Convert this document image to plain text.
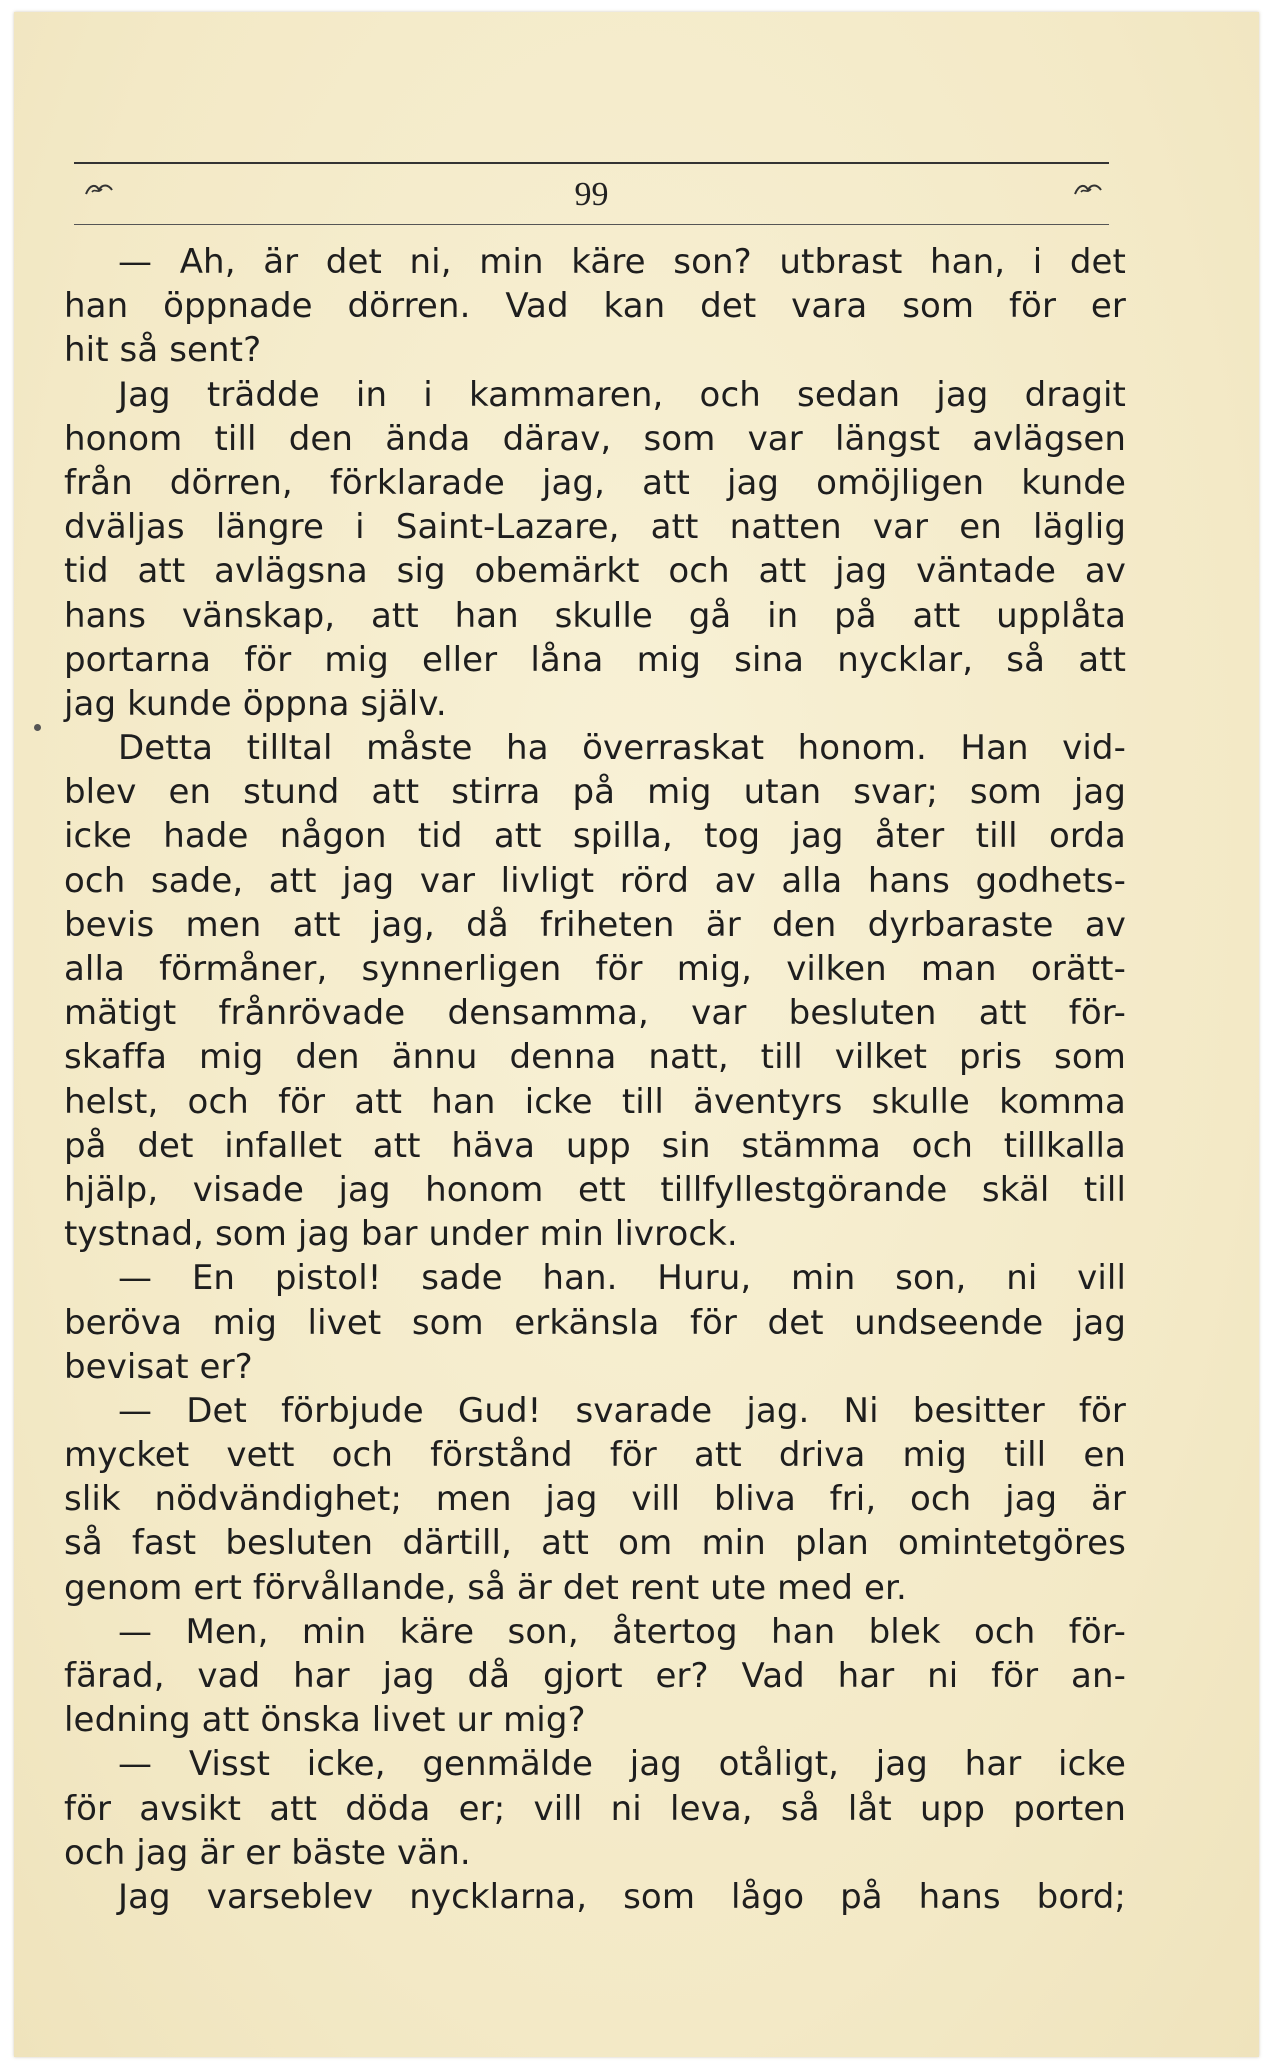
99
— Ah, är det ni, min käre son? utbrast han, i det
han öppnade dörren. Vad kan det vara som för er
hit så sent?
Jag trädde in i kammaren, och sedan jag dragit
honom till den ända därav, som var längst avlägsen
från dörren, förklarade jag, att jag omöjligen kunde
dväljas längre i Saint-Lazare, att natten var en läglig
tid att avlägsna sig obemärkt och att jag väntade av
hans vänskap, att han skulle gå in på att upplåta
portarna för mig eller låna mig sina nycklar, så att
jag kunde öppna själv.
Detta tilltal måste ha överraskat honom. Han vid-
blev en stund att stirra på mig utan svar; som jag
icke hade någon tid att spilla, tog jag åter till orda
och sade, att jag var livligt rörd av alla hans godhets-
bevis men att jag, då friheten är den dyrbaraste av
alla förmåner, synnerligen för mig, vilken man orätt-
mätigt frånrövade densamma, var besluten att för-
skaffa mig den ännu denna natt, till vilket pris som
helst, och för att han icke till äventyrs skulle komma
på det infallet att häva upp sin stämma och tillkalla
hjälp, visade jag honom ett tillfyllestgörande skäl till
tystnad, som jag bar under min livrock.
— En pistol! sade han. Huru, min son, ni vill
beröva mig livet som erkänsla för det undseende jag
bevisat er?
— Det förbjude Gud! svarade jag. Ni besitter för
mycket vett och förstånd för att driva mig till en
slik nödvändighet; men jag vill bliva fri, och jag är
så fast besluten därtill, att om min plan omintetgöres
genom ert förvållande, så är det rent ute med er.
— Men, min käre son, återtog han blek och för-
färad, vad har jag då gjort er? Vad har ni för an-
ledning att önska livet ur mig?
— Visst icke, genmälde jag otåligt, jag har icke
för avsikt att döda er; vill ni leva, så låt upp porten
och jag är er bäste vän.
Jag varseblev nycklarna, som lågo på hans bord;
